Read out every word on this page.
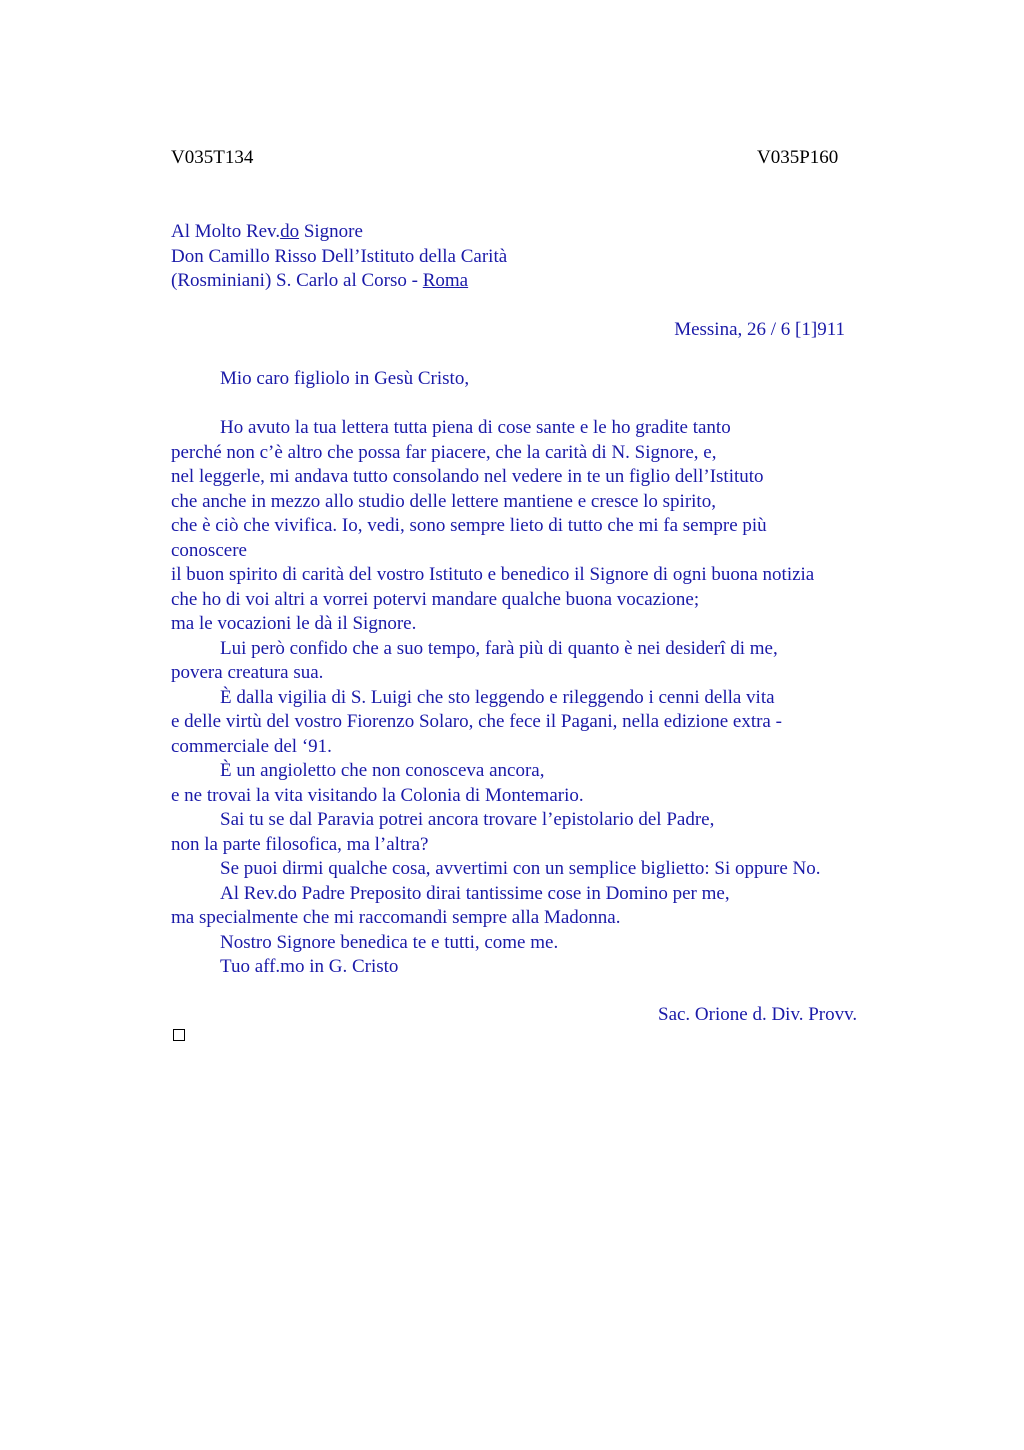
V035T134	V035P160
Al Molto Rev.do Signore
Don Camillo Risso Dell’Istituto della Carità
(Rosminiani) S. Carlo al Corso - Roma
Messina, 26 / 6 [1]911
Mio caro figliolo in Gesù Cristo,
Ho avuto la tua lettera tutta piena di cose sante e le ho gradite tanto
perché non c’è altro che possa far piacere, che la carità di N. Signore, e,
nel leggerle, mi andava tutto consolando nel vedere in te un figlio dell’Istituto
che anche in mezzo allo studio delle lettere mantiene e cresce lo spirito,
che è ciò che vivifica. Io, vedi, sono sempre lieto di tutto che mi fa sempre più
conoscere
il buon spirito di carità del vostro Istituto e benedico il Signore di ogni buona notizia
che ho di voi altri a vorrei potervi mandare qualche buona vocazione;
ma le vocazioni le dà il Signore.
Lui però confido che a suo tempo, farà più di quanto è nei desiderî di me,
povera creatura sua.
È dalla vigilia di S. Luigi che sto leggendo e rileggendo i cenni della vita
e delle virtù del vostro Fiorenzo Solaro, che fece il Pagani, nella edizione extra -
commerciale del ‘91.
È un angioletto che non conosceva ancora,
e ne trovai la vita visitando la Colonia di Montemario.
Sai tu se dal Paravia potrei ancora trovare l’epistolario del Padre,
non la parte filosofica, ma l’altra?
Se puoi dirmi qualche cosa, avvertimi con un semplice biglietto: Si oppure No.
Al Rev.do Padre Preposito dirai tantissime cose in Domino per me,
ma specialmente che mi raccomandi sempre alla Madonna.
Nostro Signore benedica te e tutti, come me.
Tuo aff.mo in G. Cristo
Sac. Orione d. Div. Provv.
